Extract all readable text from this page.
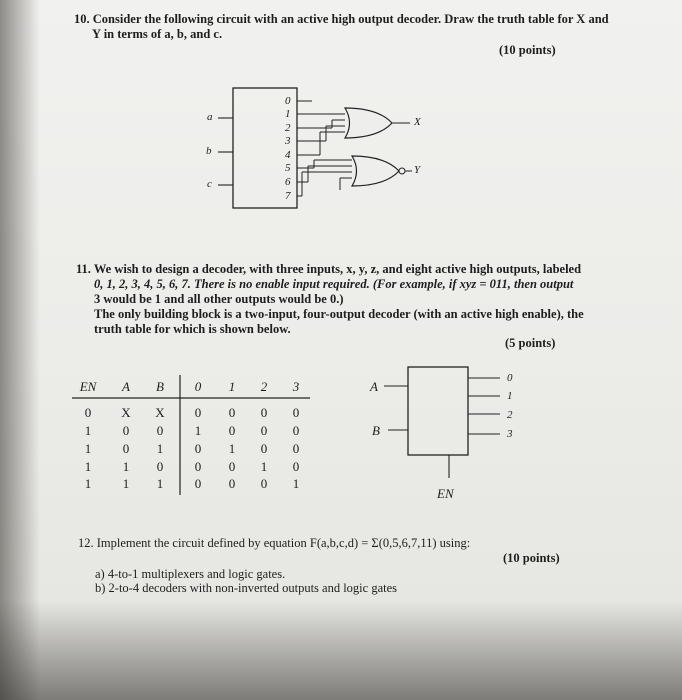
10. Consider the following circuit with an active high output decoder. Draw the truth table for X and
Y in terms of a, b, and c.
(10 points)
a
b
c
0
1
2
3
4
5
6
7
X
Y
11. We wish to design a decoder, with three inputs, x, y, z, and eight active high outputs, labeled
0, 1, 2, 3, 4, 5, 6, 7. There is no enable input required. (For example, if xyz = 011, then output
3 would be 1 and all other outputs would be 0.)
The only building block is a two-input, four-output decoder (with an active high enable), the
truth table for which is shown below.
(5 points)
EN	A	B	0	1	2	3
0	X	X	0	0	0	0
1	0	0	1	0	0	0
1	0	1	0	1	0	0
1	1	0	0	0	1	0
1	1	1	0	0	0	1
A
B
EN
0
1
2
3
12. Implement the circuit defined by equation F(a,b,c,d) = Σ(0,5,6,7,11) using:
(10 points)
a) 4-to-1 multiplexers and logic gates.
b) 2-to-4 decoders with non-inverted outputs and logic gates
